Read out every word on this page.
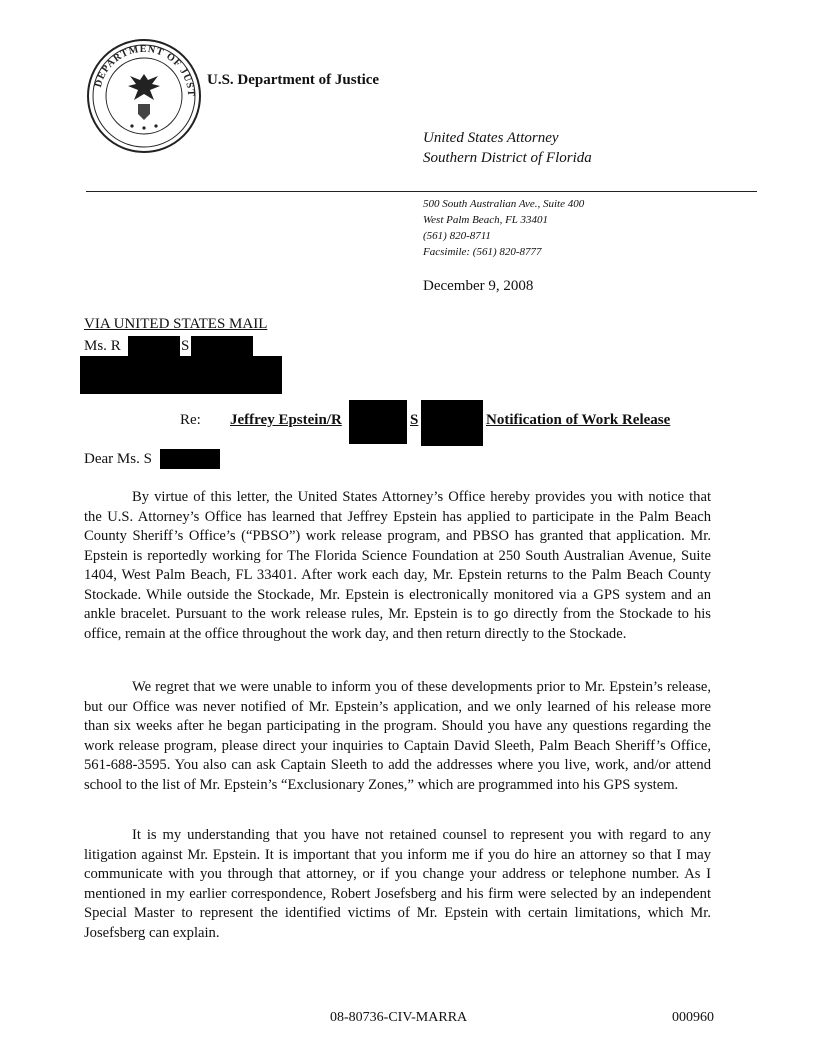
DEPARTMENT OF JUST
U.S. Department of Justice
United States Attorney
Southern District of Florida
500 South Australian Ave., Suite 400
West Palm Beach, FL 33401
(561) 820-8711
Facsimile: (561) 820-8777
December 9, 2008
VIA UNITED STATES MAIL
Ms. R	S
Re: Jeffrey Epstein/R	S	Notification of Work Release
Dear Ms. S

By virtue of this letter, the United States Attorney’s Office hereby provides you with notice that the U.S. Attorney’s Office has learned that Jeffrey Epstein has applied to participate in the Palm Beach County Sheriff’s Office’s (“PBSO”) work release program, and PBSO has granted that application. Mr. Epstein is reportedly working for The Florida Science Foundation at 250 South Australian Avenue, Suite 1404, West Palm Beach, FL 33401. After work each day, Mr. Epstein returns to the Palm Beach County Stockade. While outside the Stockade, Mr. Epstein is electronically monitored via a GPS system and an ankle bracelet. Pursuant to the work release rules, Mr. Epstein is to go directly from the Stockade to his office, remain at the office throughout the work day, and then return directly to the Stockade.

We regret that we were unable to inform you of these developments prior to Mr. Epstein’s release, but our Office was never notified of Mr. Epstein’s application, and we only learned of his release more than six weeks after he began participating in the program. Should you have any questions regarding the work release program, please direct your inquiries to Captain David Sleeth, Palm Beach Sheriff’s Office, 561-688-3595. You also can ask Captain Sleeth to add the addresses where you live, work, and/or attend school to the list of Mr. Epstein’s “Exclusionary Zones,” which are programmed into his GPS system.

It is my understanding that you have not retained counsel to represent you with regard to any litigation against Mr. Epstein. It is important that you inform me if you do hire an attorney so that I may communicate with you through that attorney, or if you change your address or telephone number. As I mentioned in my earlier correspondence, Robert Josefsberg and his firm were selected by an independent Special Master to represent the identified victims of Mr. Epstein with certain limitations, which Mr. Josefsberg can explain.

08-80736-CIV-MARRA	000960
